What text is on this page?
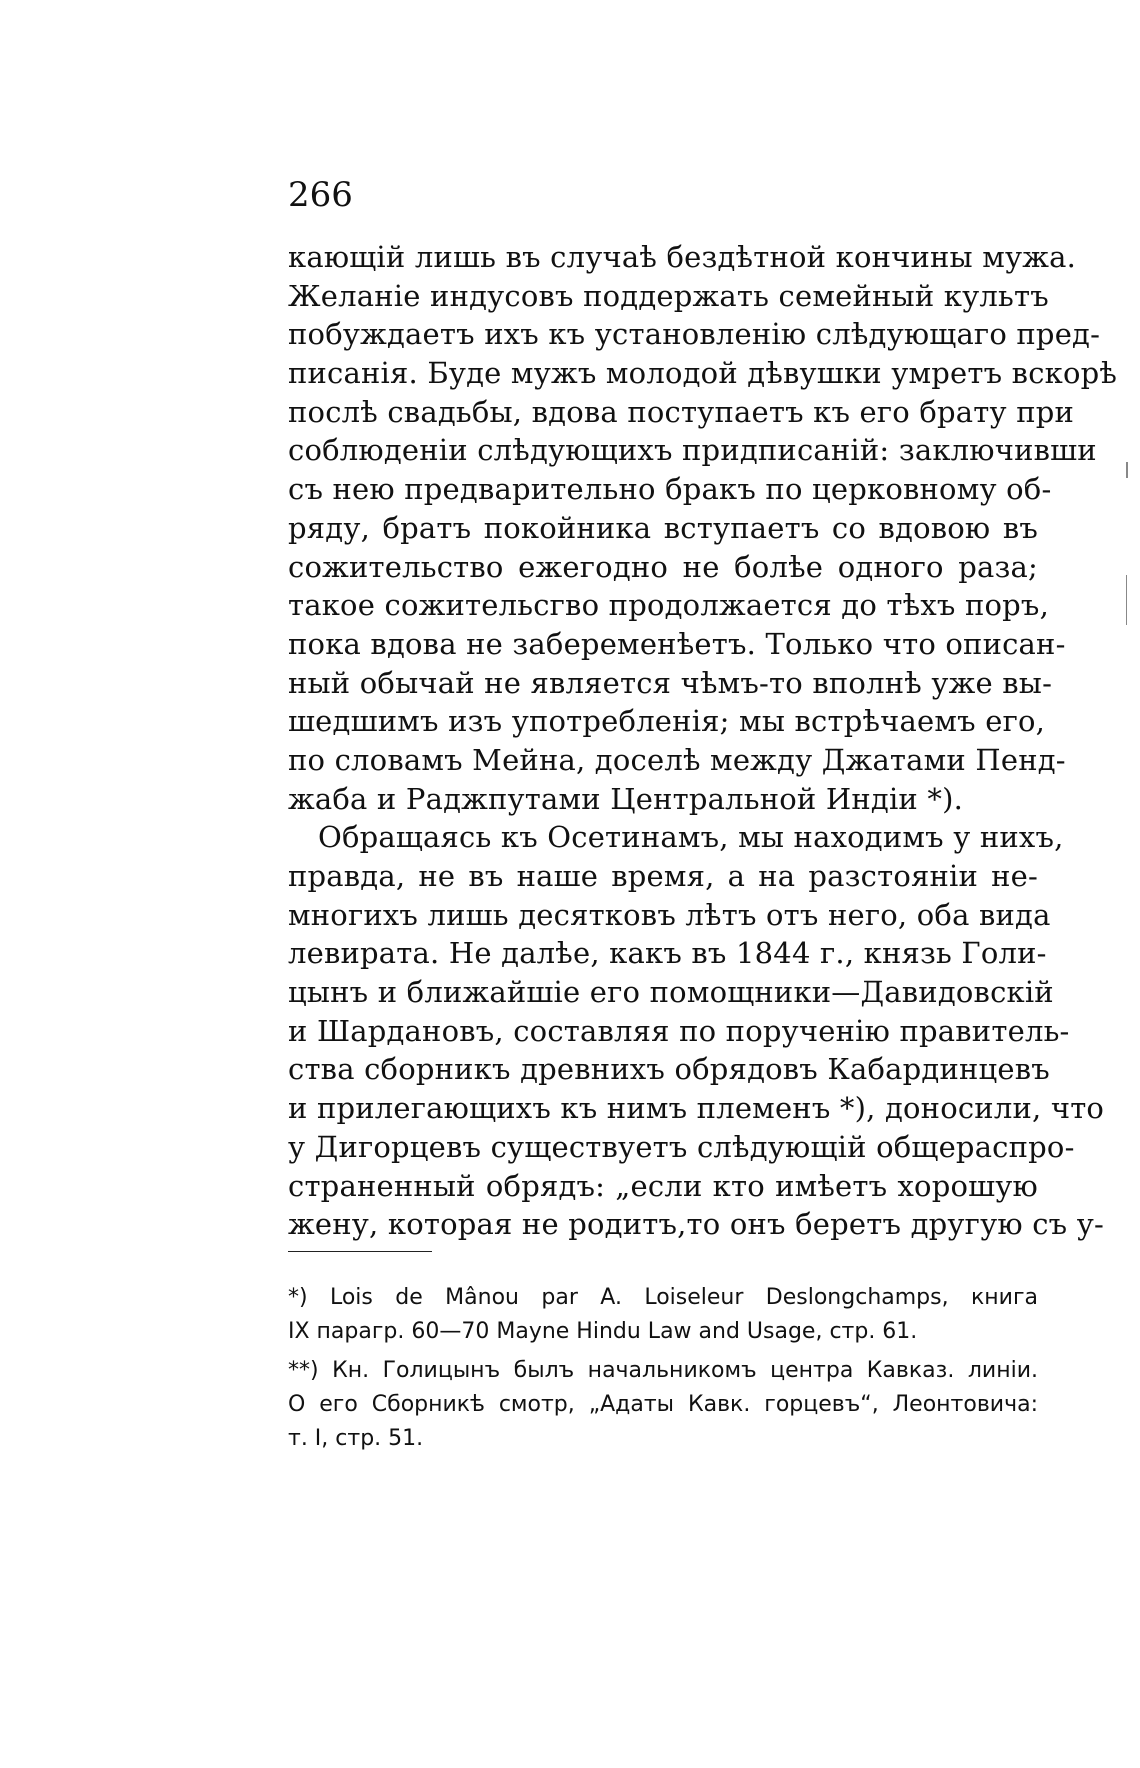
266
кающій лишь въ случаѣ бездѣтной кончины мужа.
Желаніе индусовъ поддержать семейный культъ
побуждаетъ ихъ къ установленію слѣдующаго пред-
писанія. Буде мужъ молодой дѣвушки умретъ вскорѣ
послѣ свадьбы, вдова поступаетъ къ его брату при
соблюденіи слѣдующихъ придписаній: заключивши
съ нею предварительно бракъ по церковному об-
ряду, братъ покойника вступаетъ со вдовою въ
сожительство ежегодно не болѣе одного раза;
такое сожительсгво продолжается до тѣхъ поръ,
пока вдова не забеременѣетъ. Только что описан-
ный обычай не является чѣмъ-то вполнѣ уже вы-
шедшимъ изъ употребленія; мы встрѣчаемъ его,
по словамъ Мейна, доселѣ между Джатами Пенд-
жаба и Раджпутами Центральной Индіи *).
Обращаясь къ Осетинамъ, мы находимъ у нихъ,
правда, не въ наше время, а на разстояніи не-
многихъ лишь десятковъ лѣтъ отъ него, оба вида
левирата. Не далѣе, какъ въ 1844 г., князь Голи-
цынъ и ближайшіе его помощники—Давидовскій
и Шардановъ, составляя по порученію правитель-
ства сборникъ древнихъ обрядовъ Кабардинцевъ
и прилегающихъ къ нимъ племенъ *), доносили, что
у Дигорцевъ существуетъ слѣдующій общераспро-
страненный обрядъ: „если кто имѣетъ хорошую
жену, которая не родитъ,то онъ беретъ другую съ у-
*) Lois de Mânou par A. Loiseleur Deslongchamps, книга
IX парагр. 60—70 Mayne Hindu Law and Usage, стр. 61.
**) Кн. Голицынъ былъ начальникомъ центра Кавказ. линіи.
О его Сборникѣ смотр, „Адаты Кавк. горцевъ“, Леонтовича:
т. I, стр. 51.
